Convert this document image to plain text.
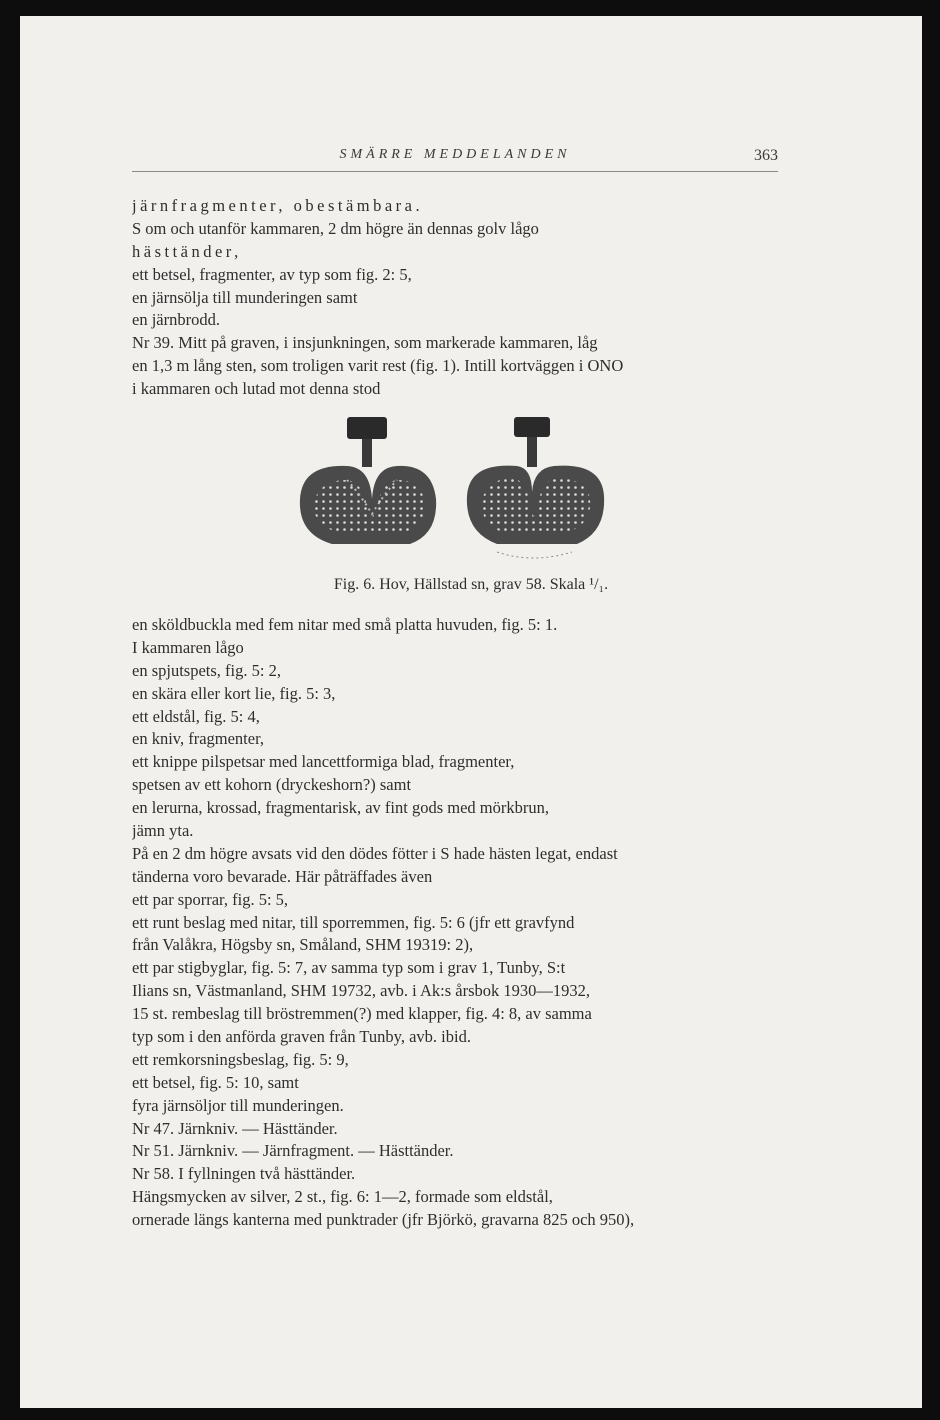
SMÄRRE MEDDELANDEN	363
järnfragmenter, obestämbara.
S om och utanför kammaren, 2 dm högre än dennas golv lågo
hästtänder,
ett betsel, fragmenter, av typ som fig. 2: 5,
en järnsölja till munderingen samt
en järnbrodd.
Nr 39. Mitt på graven, i insjunkningen, som markerade kammaren, låg
en 1,3 m lång sten, som troligen varit rest (fig. 1). Intill kortväggen i ONO
i kammaren och lutad mot denna stod
Fig. 6. Hov, Hällstad sn, grav 58. Skala ¹/₁.
en sköldbuckla med fem nitar med små platta huvuden, fig. 5: 1.
I kammaren lågo
en spjutspets, fig. 5: 2,
en skära eller kort lie, fig. 5: 3,
ett eldstål, fig. 5: 4,
en kniv, fragmenter,
ett knippe pilspetsar med lancettformiga blad, fragmenter,
spetsen av ett kohorn (dryckeshorn?) samt
en lerurna, krossad, fragmentarisk, av fint gods med mörkbrun,
jämn yta.
På en 2 dm högre avsats vid den dödes fötter i S hade hästen legat, endast
tänderna voro bevarade. Här påträffades även
ett par sporrar, fig. 5: 5,
ett runt beslag med nitar, till sporremmen, fig. 5: 6 (jfr ett gravfynd
från Valåkra, Högsby sn, Småland, SHM 19319: 2),
ett par stigbyglar, fig. 5: 7, av samma typ som i grav 1, Tunby, S:t
Ilians sn, Västmanland, SHM 19732, avb. i Ak:s årsbok 1930—1932,
15 st. rembeslag till bröstremmen(?) med klapper, fig. 4: 8, av samma
typ som i den anförda graven från Tunby, avb. ibid.
ett remkorsningsbeslag, fig. 5: 9,
ett betsel, fig. 5: 10, samt
fyra järnsöljor till munderingen.
Nr 47. Järnkniv. — Hästtänder.
Nr 51. Järnkniv. — Järnfragment. — Hästtänder.
Nr 58. I fyllningen två hästtänder.
Hängsmycken av silver, 2 st., fig. 6: 1—2, formade som eldstål,
ornerade längs kanterna med punktrader (jfr Björkö, gravarna 825 och 950),
